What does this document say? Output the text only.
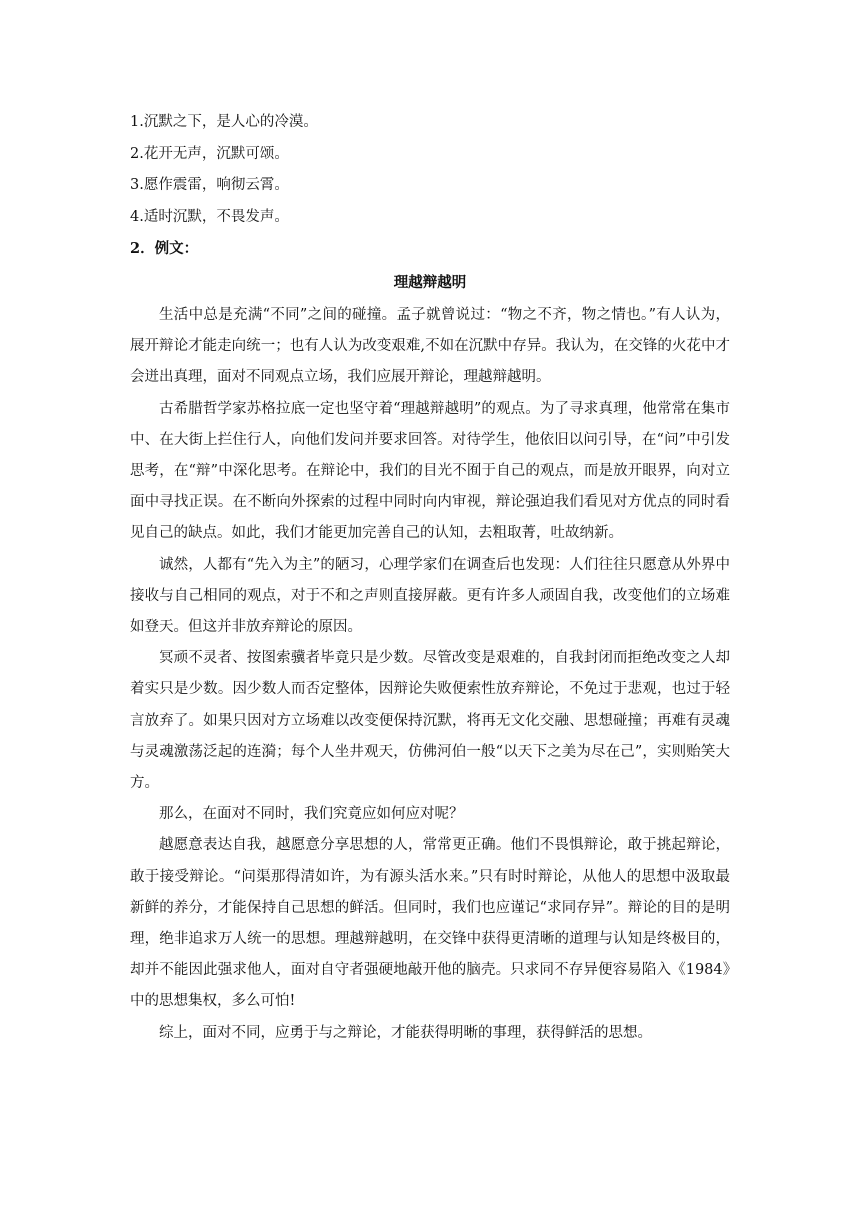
1.沉默之下，是人心的冷漠。
2.花开无声，沉默可颂。
3.愿作震雷，响彻云霄。
4.适时沉默，不畏发声。
2．例文：
理越辩越明

生活中总是充满“不同”之间的碰撞。孟子就曾说过：“物之不齐，物之情也。”有人认为，展开辩论才能走向统一；也有人认为改变艰难,不如在沉默中存异。我认为，在交锋的火花中才会迸出真理，面对不同观点立场，我们应展开辩论，理越辩越明。

古希腊哲学家苏格拉底一定也坚守着“理越辩越明”的观点。为了寻求真理，他常常在集市中、在大街上拦住行人，向他们发问并要求回答。对待学生，他依旧以问引导，在“问”中引发思考，在“辩”中深化思考。在辩论中，我们的目光不囿于自己的观点，而是放开眼界，向对立面中寻找正误。在不断向外探索的过程中同时向内审视，辩论强迫我们看见对方优点的同时看见自己的缺点。如此，我们才能更加完善自己的认知，去粗取菁，吐故纳新。

诚然，人都有“先入为主”的陋习，心理学家们在调查后也发现：人们往往只愿意从外界中接收与自己相同的观点，对于不和之声则直接屏蔽。更有许多人顽固自我，改变他们的立场难如登天。但这并非放弃辩论的原因。

冥顽不灵者、按图索骥者毕竟只是少数。尽管改变是艰难的，自我封闭而拒绝改变之人却着实只是少数。因少数人而否定整体，因辩论失败便索性放弃辩论，不免过于悲观，也过于轻言放弃了。如果只因对方立场难以改变便保持沉默，将再无文化交融、思想碰撞；再难有灵魂与灵魂激荡泛起的连漪；每个人坐井观天，仿佛河伯一般“以天下之美为尽在己”，实则贻笑大方。

那么，在面对不同时，我们究竟应如何应对呢？

越愿意表达自我，越愿意分享思想的人，常常更正确。他们不畏惧辩论，敢于挑起辩论，敢于接受辩论。“问渠那得清如许，为有源头活水来。”只有时时辩论，从他人的思想中汲取最新鲜的养分，才能保持自己思想的鲜活。但同时，我们也应谨记“求同存异”。辩论的目的是明理，绝非追求万人统一的思想。理越辩越明，在交锋中获得更清晰的道理与认知是终极目的，却并不能因此强求他人，面对自守者强硬地敲开他的脑壳。只求同不存异便容易陷入《1984》中的思想集权，多么可怕!

综上，面对不同，应勇于与之辩论，才能获得明晰的事理，获得鲜活的思想。
